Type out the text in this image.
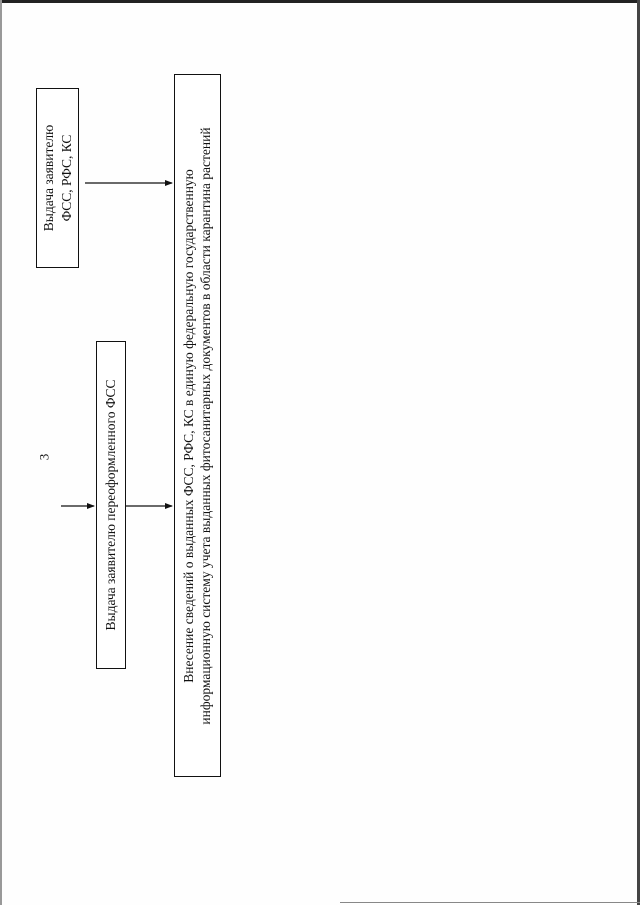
3
Выдача заявителю ФСС, РФС, КС
Выдача заявителю переоформленного ФСС	Внесение сведений о выданных ФСС, РФС, КС в единую федеральную государственную информационную систему учета выданных фитосанитарных документов в области карантина растений
